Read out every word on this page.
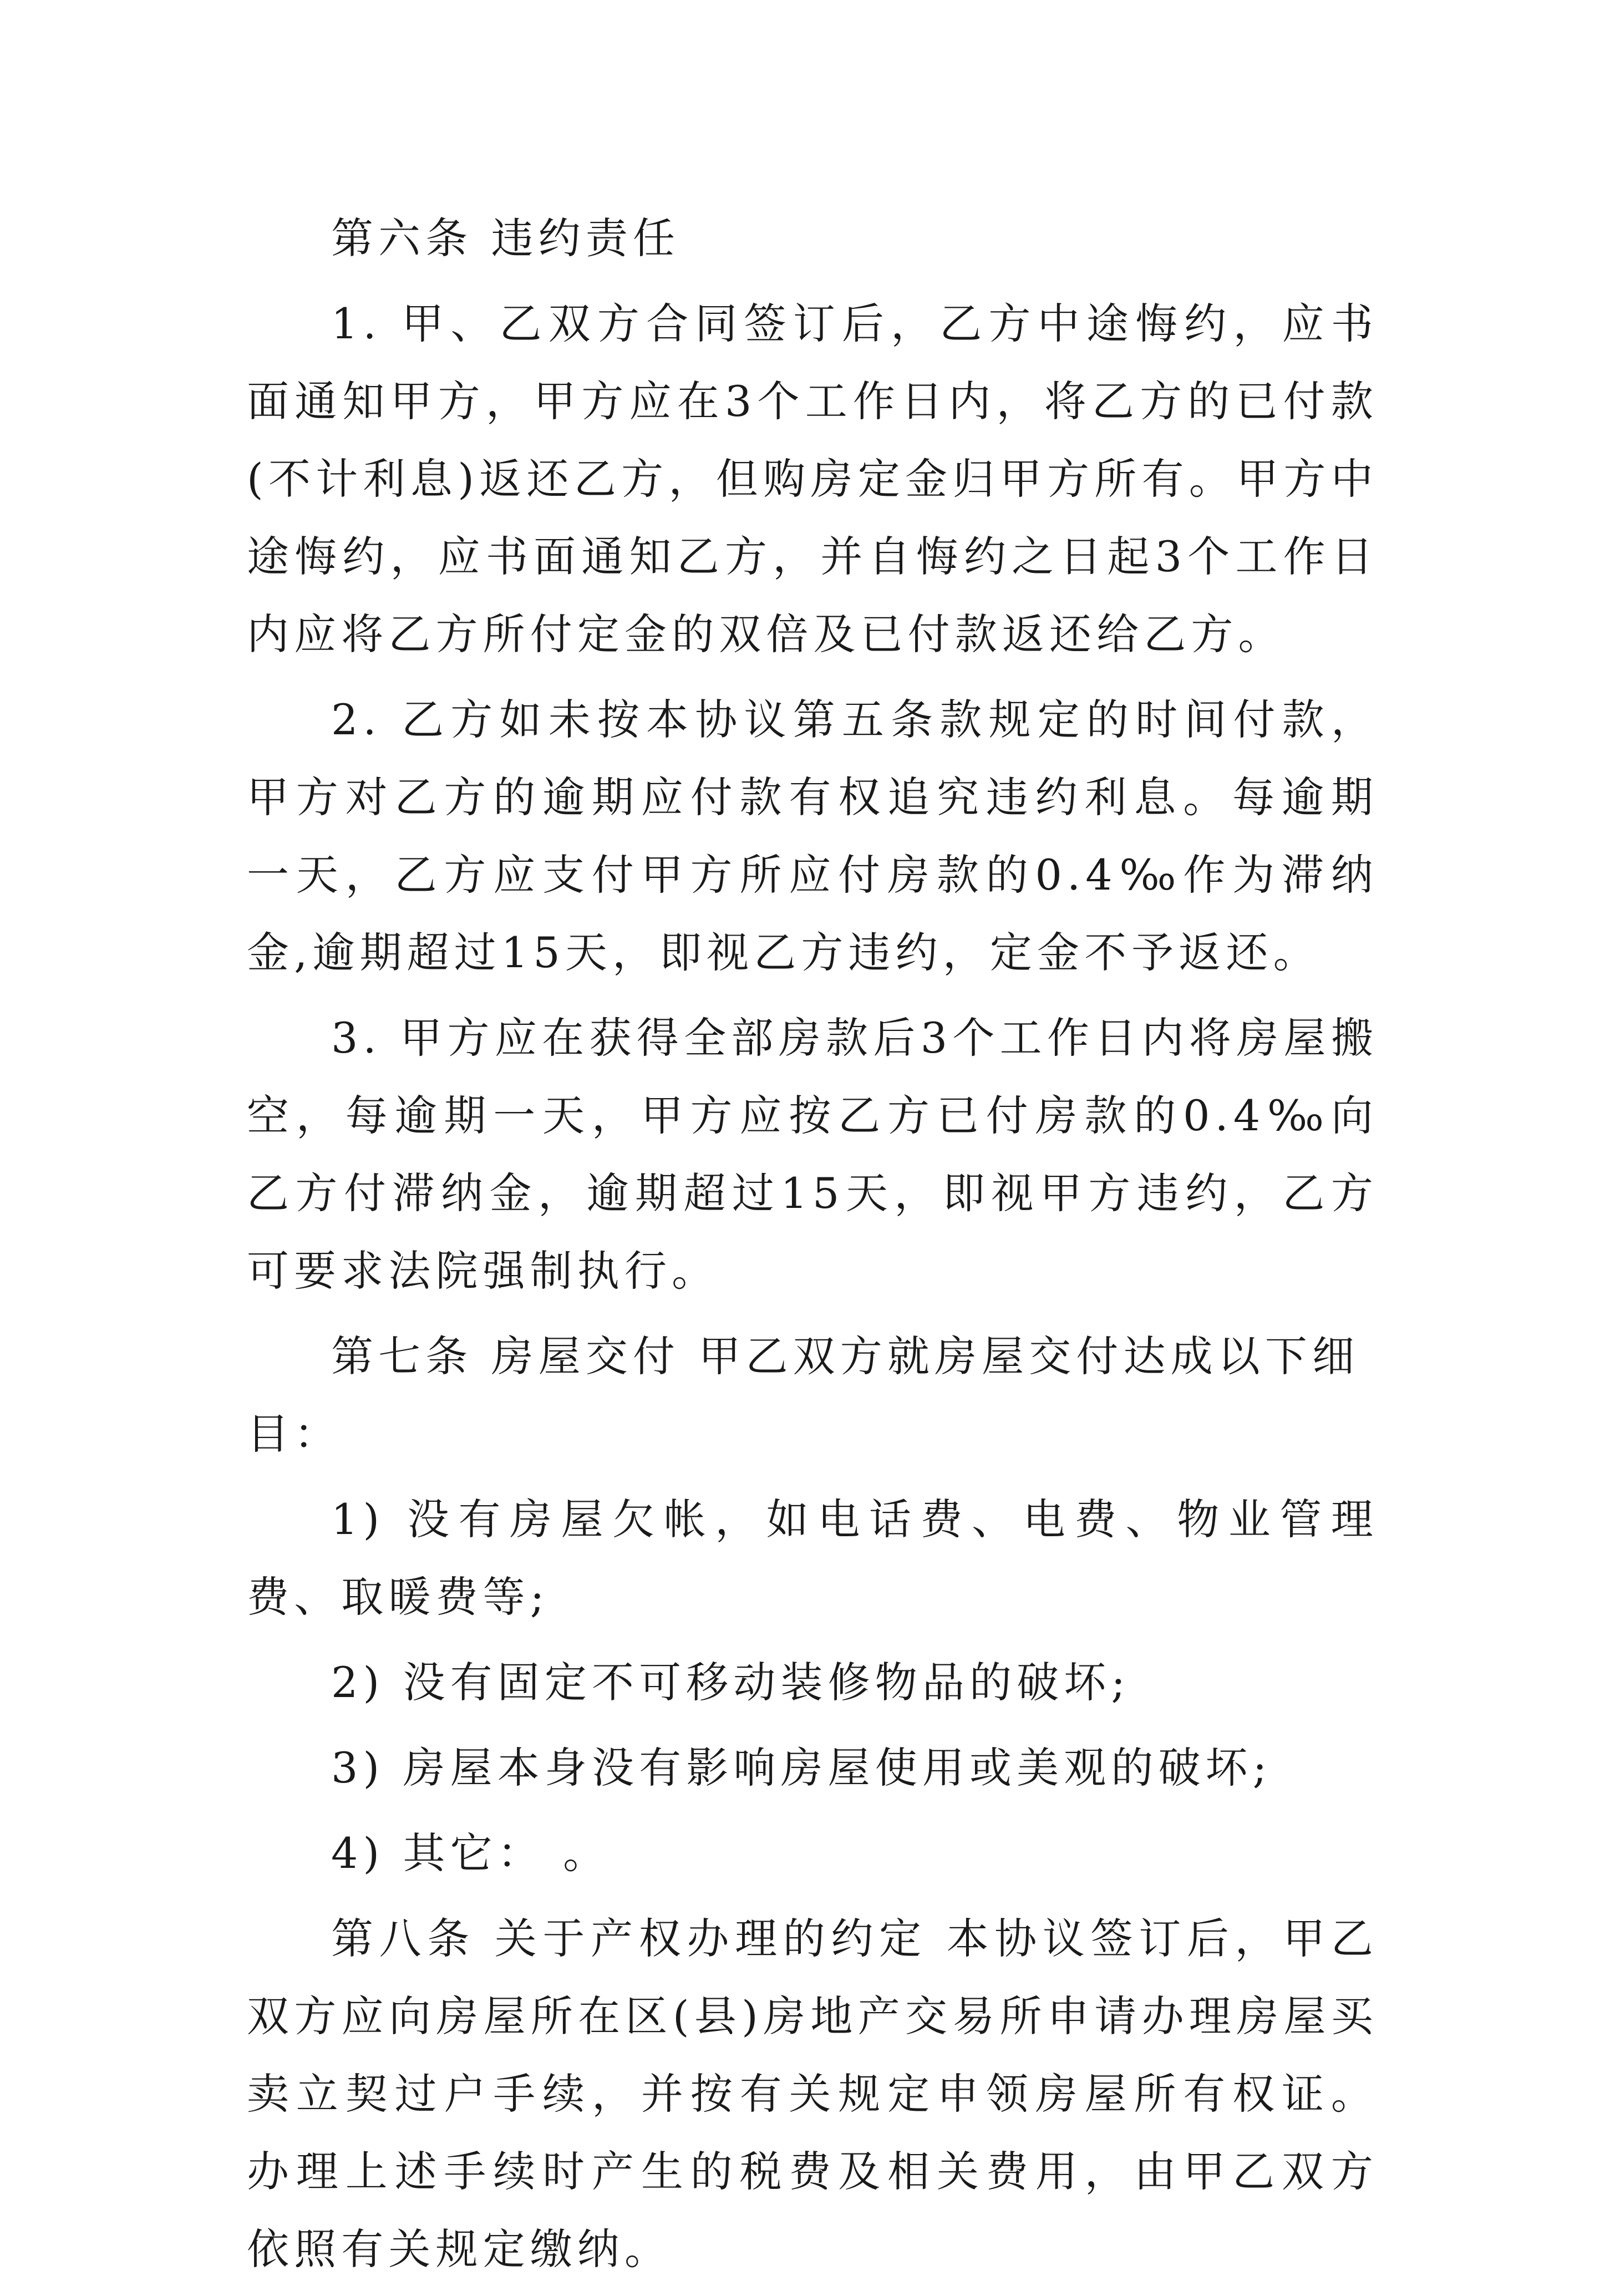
第六条 违约责任

1. 甲、乙双方合同签订后，乙方中途悔约，应书面通知甲方，甲方应在3个工作日内，将乙方的已付款(不计利息)返还乙方，但购房定金归甲方所有。甲方中途悔约，应书面通知乙方，并自悔约之日起3个工作日内应将乙方所付定金的双倍及已付款返还给乙方。

2. 乙方如未按本协议第五条款规定的时间付款，甲方对乙方的逾期应付款有权追究违约利息。每逾期一天，乙方应支付甲方所应付房款的0.4‰作为滞纳金,逾期超过15天，即视乙方违约，定金不予返还。

3. 甲方应在获得全部房款后3个工作日内将房屋搬空，每逾期一天，甲方应按乙方已付房款的0.4‰向乙方付滞纳金，逾期超过15天，即视甲方违约，乙方可要求法院强制执行。

第七条 房屋交付 甲乙双方就房屋交付达成以下细目：

1) 没有房屋欠帐，如电话费、电费、物业管理费、取暖费等;

2) 没有固定不可移动装修物品的破坏;

3) 房屋本身没有影响房屋使用或美观的破坏;

4) 其它： 。

第八条 关于产权办理的约定 本协议签订后，甲乙双方应向房屋所在区(县)房地产交易所申请办理房屋买卖立契过户手续，并按有关规定申领房屋所有权证。 办理上述手续时产生的税费及相关费用，由甲乙双方依照有关规定缴纳。
